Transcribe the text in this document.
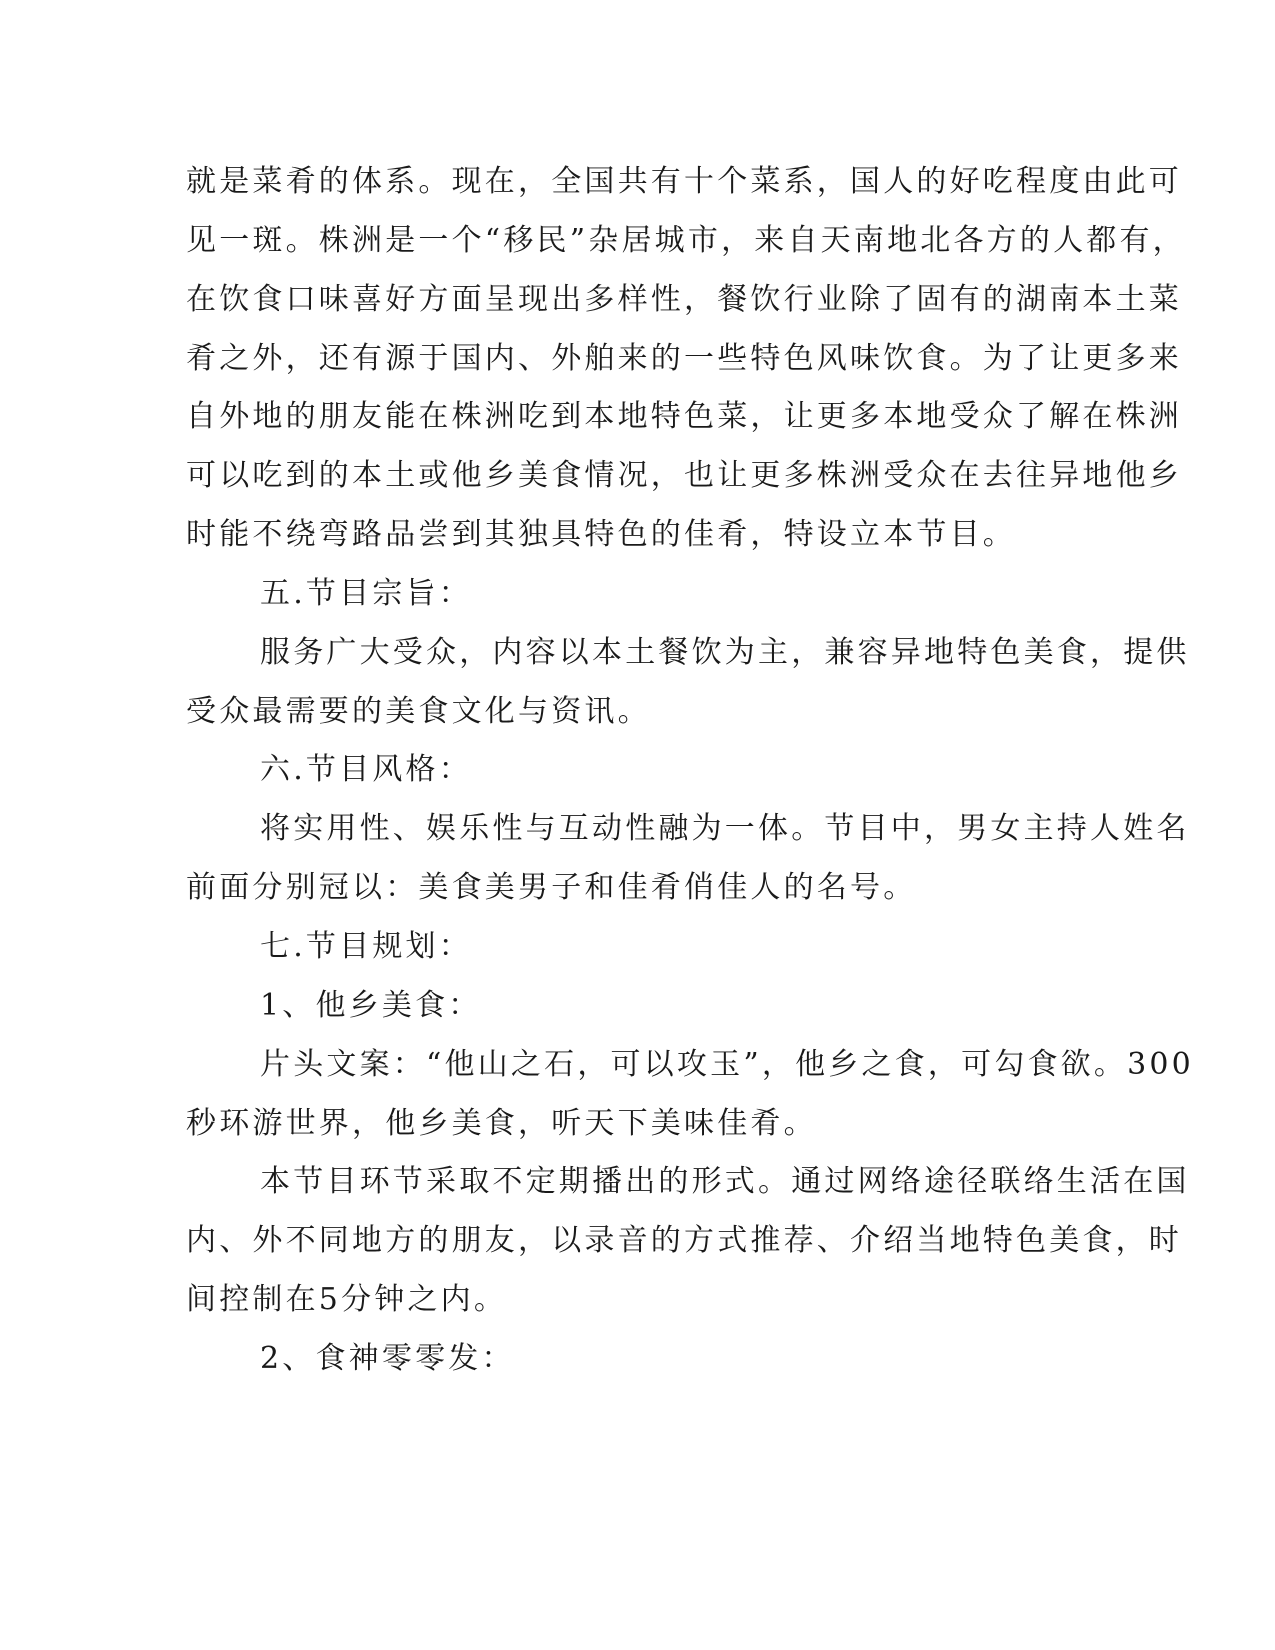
就是菜肴的体系。现在，全国共有十个菜系，国人的好吃程度由此可
见一斑。株洲是一个“移民”杂居城市，来自天南地北各方的人都有，
在饮食口味喜好方面呈现出多样性，餐饮行业除了固有的湖南本土菜
肴之外，还有源于国内、外舶来的一些特色风味饮食。为了让更多来
自外地的朋友能在株洲吃到本地特色菜，让更多本地受众了解在株洲
可以吃到的本土或他乡美食情况，也让更多株洲受众在去往异地他乡
时能不绕弯路品尝到其独具特色的佳肴，特设立本节目。
五.节目宗旨：
服务广大受众，内容以本土餐饮为主，兼容异地特色美食，提供
受众最需要的美食文化与资讯。
六.节目风格：
将实用性、娱乐性与互动性融为一体。节目中，男女主持人姓名
前面分别冠以：美食美男子和佳肴俏佳人的名号。
七.节目规划：
1、他乡美食：
片头文案：“他山之石，可以攻玉”，他乡之食，可勾食欲。300
秒环游世界，他乡美食，听天下美味佳肴。
本节目环节采取不定期播出的形式。通过网络途径联络生活在国
内、外不同地方的朋友，以录音的方式推荐、介绍当地特色美食，时
间控制在5分钟之内。
2、食神零零发：
